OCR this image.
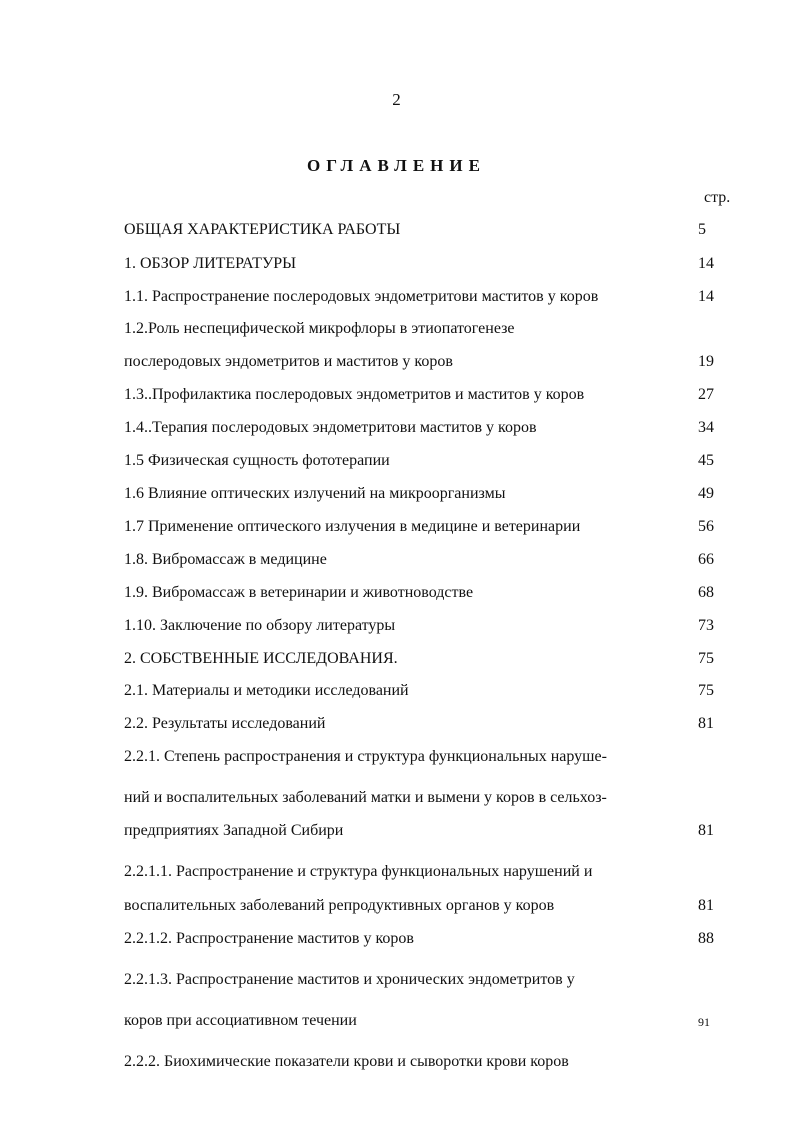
2
ОГЛАВЛЕНИЕ
стр.
ОБЩАЯ ХАРАКТЕРИСТИКА РАБОТЫ	5
1. ОБЗОР ЛИТЕРАТУРЫ	14
1.1. Распространение послеродовых эндометритови маститов у коров	14
1.2.Роль неспецифической микрофлоры в этиопатогенезе
послеродовых эндометритов и маститов у коров	19
1.3..Профилактика послеродовых эндометритов и маститов у коров	27
1.4..Терапия послеродовых эндометритови маститов у коров	34
1.5 Физическая сущность фототерапии	45
1.6 Влияние оптических излучений на микроорганизмы	49
1.7 Применение оптического излучения в медицине и ветеринарии	56
1.8. Вибромассаж в медицине	66
1.9. Вибромассаж в ветеринарии и животноводстве	68
1.10. Заключение по обзору литературы	73
2. СОБСТВЕННЫЕ ИССЛЕДОВАНИЯ.	75
2.1. Материалы и методики исследований	75
2.2. Результаты исследований	81
2.2.1. Степень распространения и структура функциональных наруше-
ний и воспалительных заболеваний матки и вымени у коров в сельхоз-
предприятиях Западной Сибири	81
2.2.1.1. Распространение и структура функциональных нарушений и
воспалительных заболеваний репродуктивных органов у коров	81
2.2.1.2. Распространение маститов у коров	88
2.2.1.3. Распространение маститов и хронических эндометритов у
коров при ассоциативном течении	91
2.2.2. Биохимические показатели крови и сыворотки крови коров
